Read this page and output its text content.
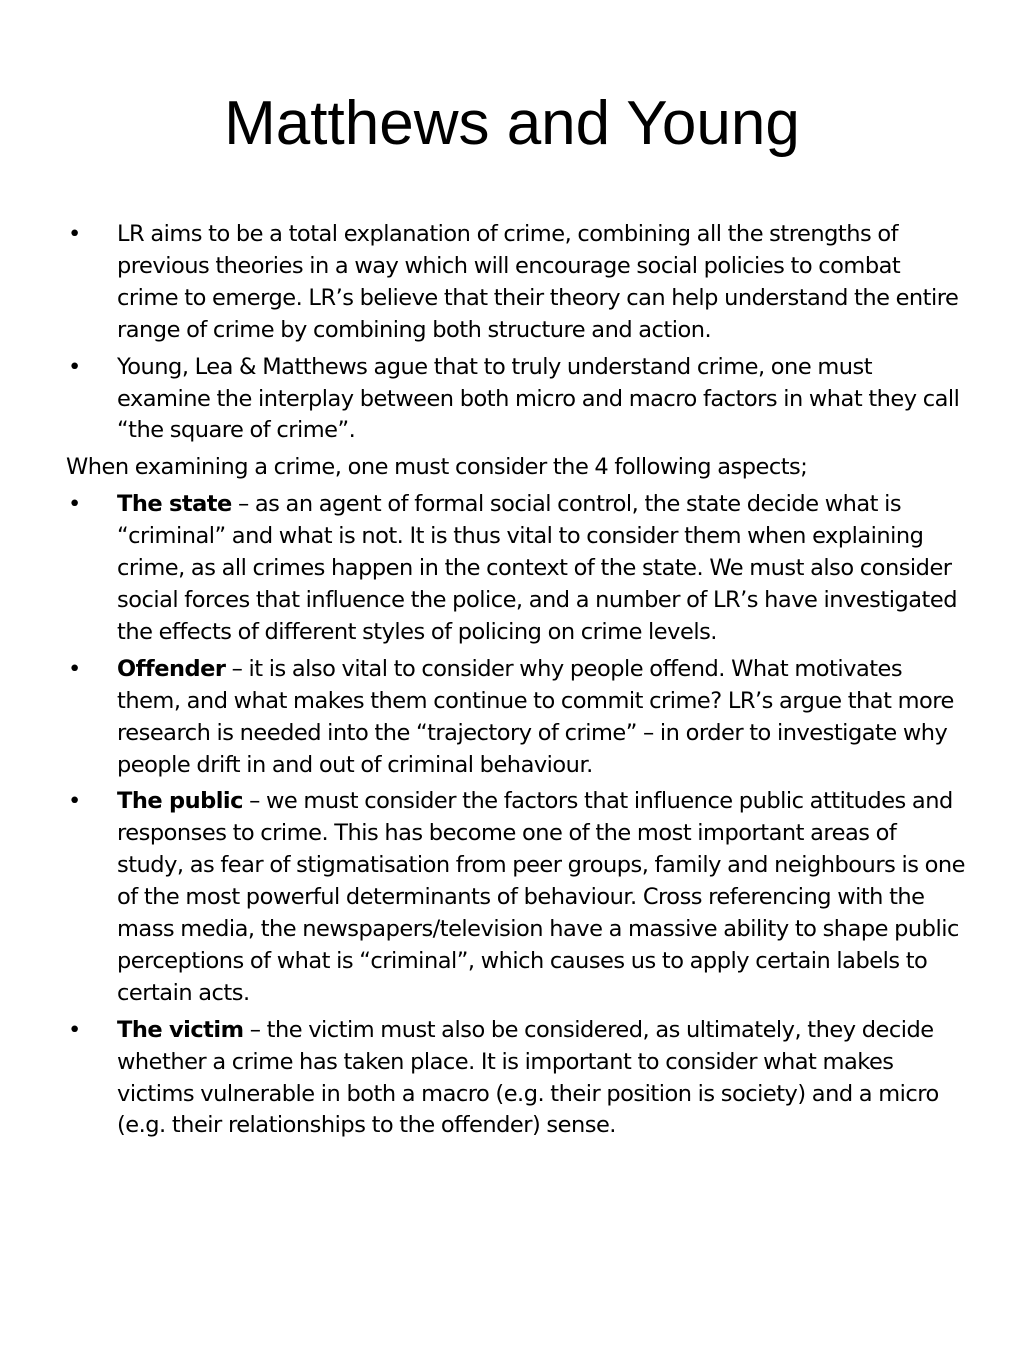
Matthews and Young
• LR aims to be a total explanation of crime, combining all the strengths of previous theories in a way which will encourage social policies to combat crime to emerge. LR’s believe that their theory can help understand the entire range of crime by combining both structure and action.
• Young, Lea & Matthews ague that to truly understand crime, one must examine the interplay between both micro and macro factors in what they call “the square of crime”.

When examining a crime, one must consider the 4 following aspects;

• The state – as an agent of formal social control, the state decide what is “criminal” and what is not. It is thus vital to consider them when explaining crime, as all crimes happen in the context of the state. We must also consider social forces that influence the police, and a number of LR’s have investigated the effects of different styles of policing on crime levels.
• Offender – it is also vital to consider why people offend. What motivates them, and what makes them continue to commit crime? LR’s argue that more research is needed into the “trajectory of crime” – in order to investigate why people drift in and out of criminal behaviour.
• The public – we must consider the factors that influence public attitudes and responses to crime. This has become one of the most important areas of study, as fear of stigmatisation from peer groups, family and neighbours is one of the most powerful determinants of behaviour. Cross referencing with the mass media, the newspapers/television have a massive ability to shape public perceptions of what is “criminal”, which causes us to apply certain labels to certain acts.
• The victim – the victim must also be considered, as ultimately, they decide whether a crime has taken place. It is important to consider what makes victims vulnerable in both a macro (e.g. their position is society) and a micro (e.g. their relationships to the offender) sense.
